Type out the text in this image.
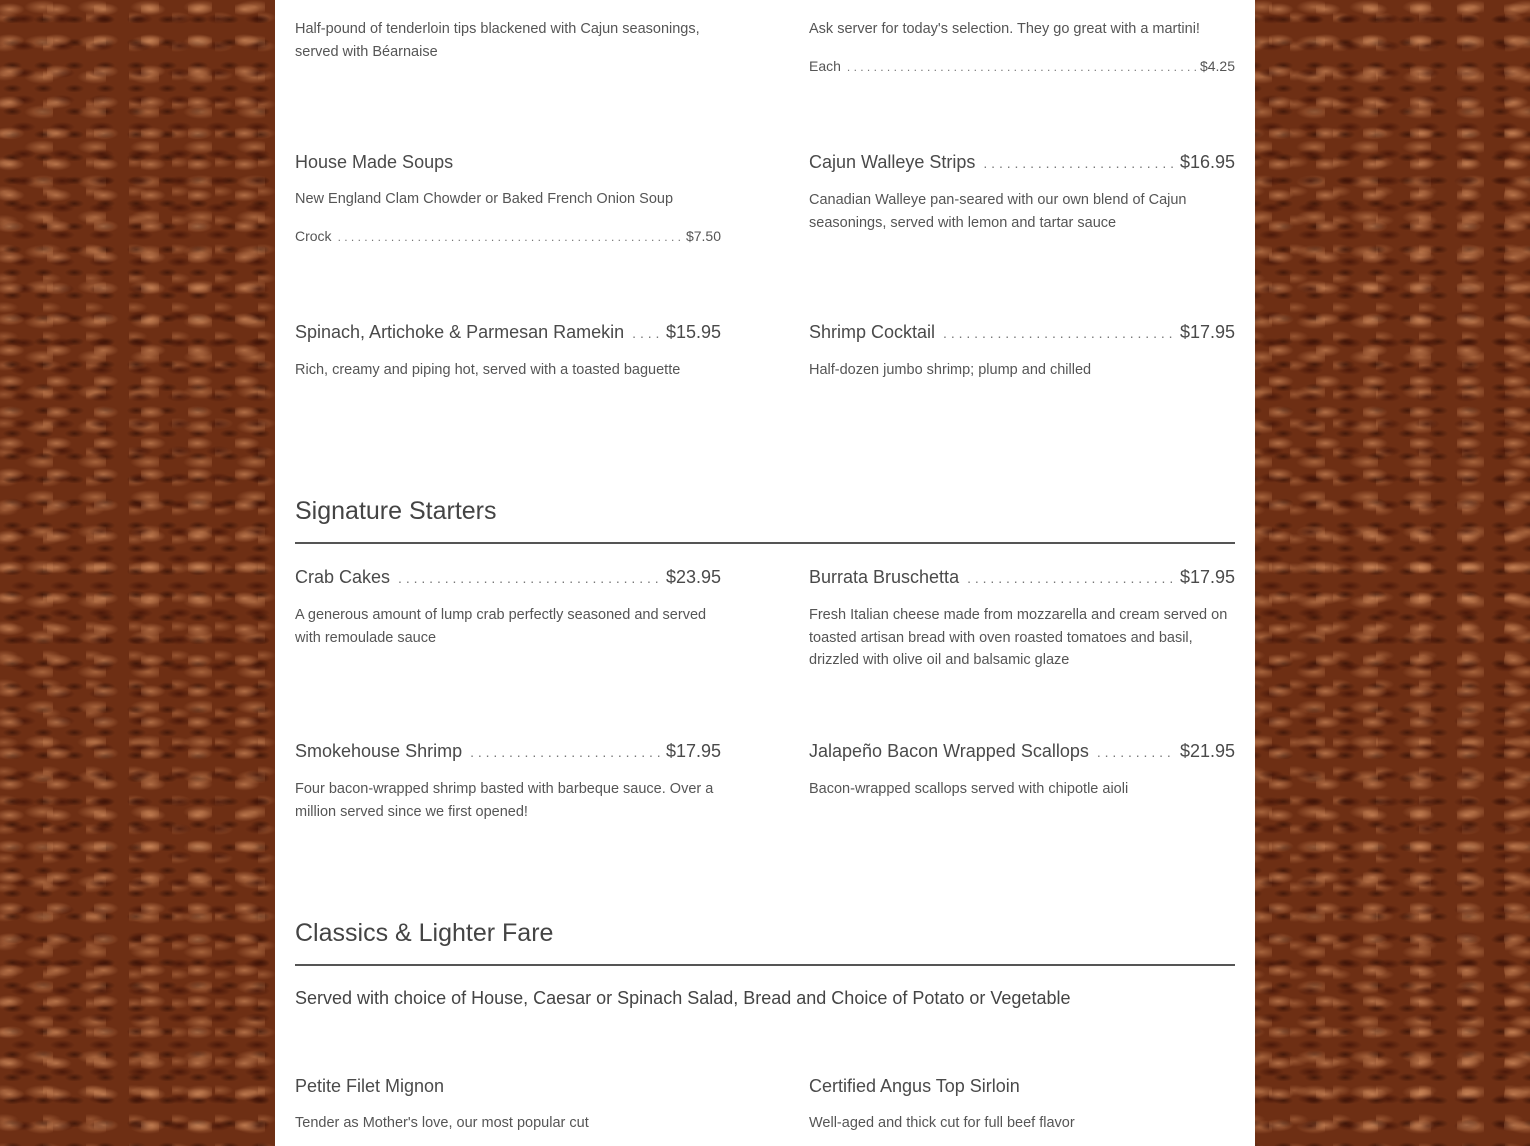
Half-pound of tenderloin tips blackened with Cajun seasonings, served with Béarnaise
Ask server for today's selection. They go great with a martini!
Each . . .	$4.25
House Made Soups
New England Clam Chowder or Baked French Onion Soup
Crock . . .	$7.50
Cajun Walleye Strips . . .	$16.95
Canadian Walleye pan-seared with our own blend of Cajun seasonings, served with lemon and tartar sauce
Spinach, Artichoke & Parmesan Ramekin . . . $15.95
Rich, creamy and piping hot, served with a toasted baguette
Shrimp Cocktail . . .	$17.95
Half-dozen jumbo shrimp; plump and chilled
Signature Starters
Crab Cakes . . .	$23.95
A generous amount of lump crab perfectly seasoned and served with remoulade sauce
Burrata Bruschetta . . .	$17.95
Fresh Italian cheese made from mozzarella and cream served on toasted artisan bread with oven roasted tomatoes and basil, drizzled with olive oil and balsamic glaze
Smokehouse Shrimp . . .	$17.95
Four bacon-wrapped shrimp basted with barbeque sauce. Over a million served since we first opened!
Jalapeño Bacon Wrapped Scallops . . .	$21.95
Bacon-wrapped scallops served with chipotle aioli
Classics & Lighter Fare
Served with choice of House, Caesar or Spinach Salad, Bread and Choice of Potato or Vegetable
Petite Filet Mignon
Tender as Mother's love, our most popular cut
Certified Angus Top Sirloin
Well-aged and thick cut for full beef flavor
